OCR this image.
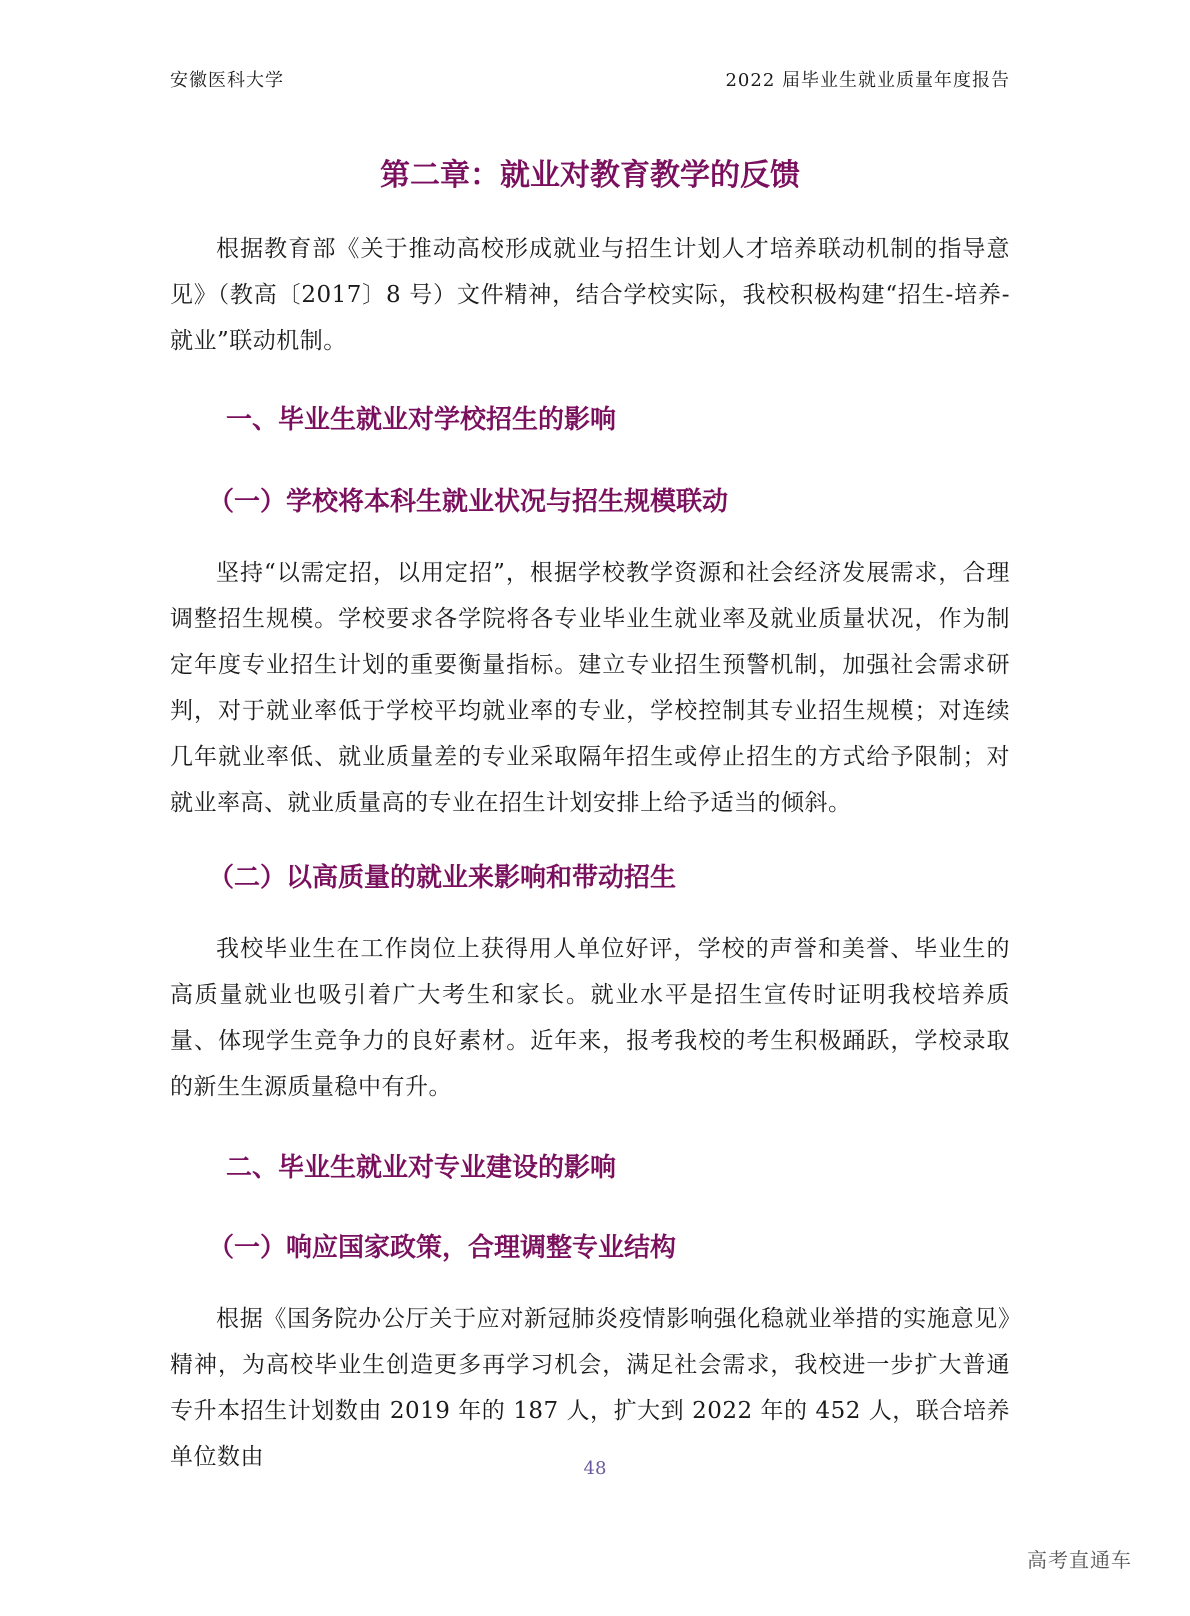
安徽医科大学	2022 届毕业生就业质量年度报告
第二章：就业对教育教学的反馈

根据教育部《关于推动高校形成就业与招生计划人才培养联动机制的指导意见》（教高〔2017〕8 号）文件精神，结合学校实际，我校积极构建“招生-培养-就业”联动机制。

一、毕业生就业对学校招生的影响
（一）学校将本科生就业状况与招生规模联动

坚持“以需定招，以用定招”，根据学校教学资源和社会经济发展需求，合理调整招生规模。学校要求各学院将各专业毕业生就业率及就业质量状况，作为制定年度专业招生计划的重要衡量指标。建立专业招生预警机制，加强社会需求研判，对于就业率低于学校平均就业率的专业，学校控制其专业招生规模；对连续几年就业率低、就业质量差的专业采取隔年招生或停止招生的方式给予限制；对就业率高、就业质量高的专业在招生计划安排上给予适当的倾斜。

（二）以高质量的就业来影响和带动招生

我校毕业生在工作岗位上获得用人单位好评，学校的声誉和美誉、毕业生的高质量就业也吸引着广大考生和家长。就业水平是招生宣传时证明我校培养质量、体现学生竞争力的良好素材。近年来，报考我校的考生积极踊跃，学校录取的新生生源质量稳中有升。

二、毕业生就业对专业建设的影响
（一）响应国家政策，合理调整专业结构

根据《国务院办公厅关于应对新冠肺炎疫情影响强化稳就业举措的实施意见》精神，为高校毕业生创造更多再学习机会，满足社会需求，我校进一步扩大普通专升本招生计划数由 2019 年的 187 人，扩大到 2022 年的 452 人，联合培养单位数由	48
高考直通车
